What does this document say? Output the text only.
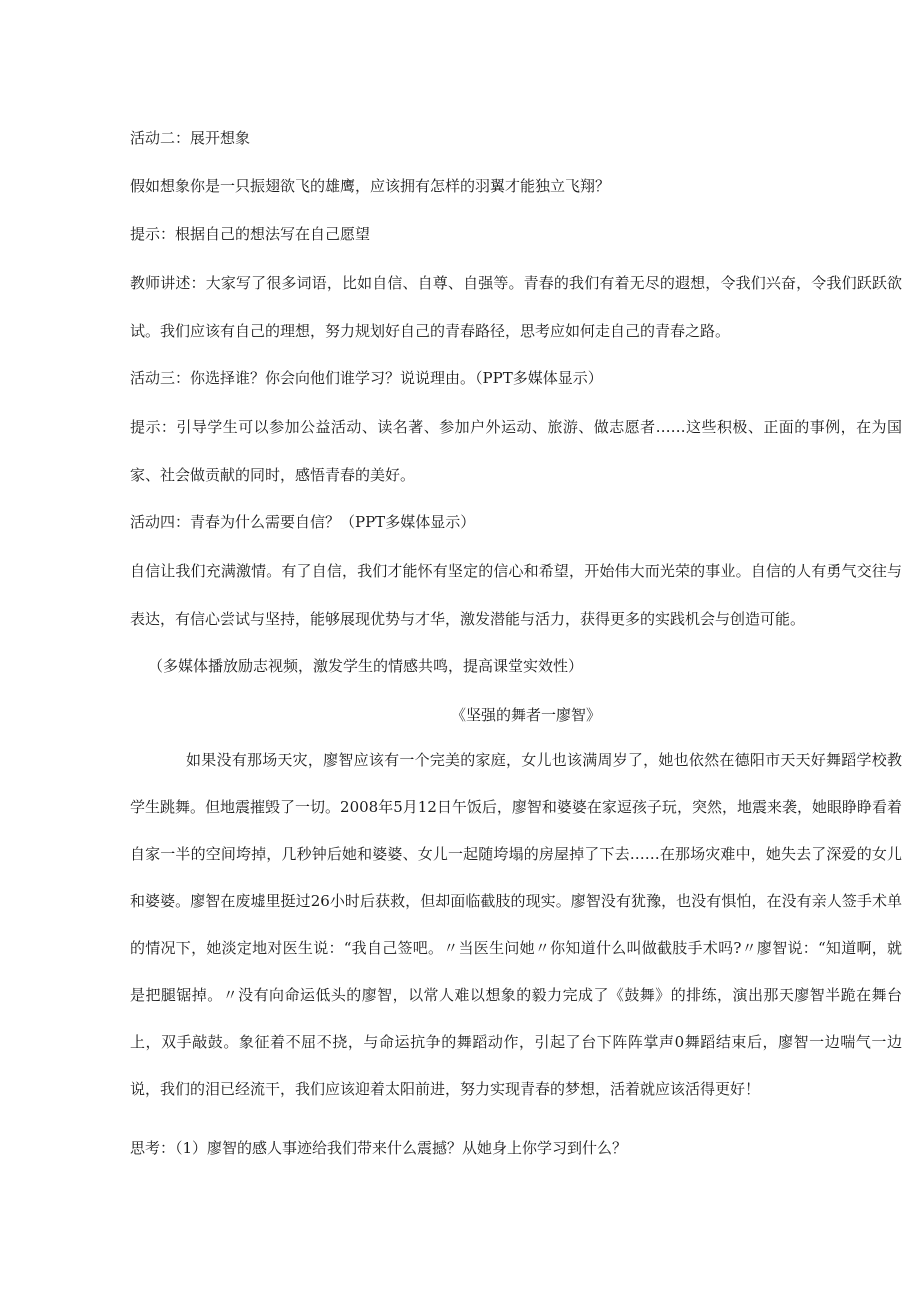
活动二：展开想象
假如想象你是一只振翅欲飞的雄鹰，应该拥有怎样的羽翼才能独立飞翔？
提示：根据自己的想法写在自己愿望
教师讲述：大家写了很多词语，比如自信、自尊、自强等。青春的我们有着无尽的遐想，令我们兴奋，令我们跃跃欲试。我们应该有自己的理想，努力规划好自己的青春路径，思考应如何走自己的青春之路。
活动三：你选择谁？你会向他们谁学习？说说理由。（PPT多媒体显示）
提示：引导学生可以参加公益活动、读名著、参加户外运动、旅游、做志愿者……这些积极、正面的事例，在为国家、社会做贡献的同时，感悟青春的美好。
活动四：青春为什么需要自信？（PPT多媒体显示）
自信让我们充满激情。有了自信，我们才能怀有坚定的信心和希望，开始伟大而光荣的事业。自信的人有勇气交往与表达，有信心尝试与坚持，能够展现优势与才华，激发潜能与活力，获得更多的实践机会与创造可能。
（多媒体播放励志视频，激发学生的情感共鸣，提高课堂实效性）
《坚强的舞者一廖智》
如果没有那场天灾，廖智应该有一个完美的家庭，女儿也该满周岁了，她也依然在德阳市天天好舞蹈学校教学生跳舞。但地震摧毁了一切。2008年5月12日午饭后，廖智和婆婆在家逗孩子玩，突然，地震来袭，她眼睁睁看着自家一半的空间垮掉，几秒钟后她和婆婆、女儿一起随垮塌的房屋掉了下去……在那场灾难中，她失去了深爱的女儿和婆婆。廖智在废墟里挺过26小时后获救，但却面临截肢的现实。廖智没有犹豫，也没有惧怕，在没有亲人签手术单的情况下，她淡定地对医生说：“我自己签吧。〃当医生问她〃你知道什么叫做截肢手术吗?〃廖智说：“知道啊，就是把腿锯掉。〃没有向命运低头的廖智，以常人难以想象的毅力完成了《鼓舞》的排练，演出那天廖智半跪在舞台上，双手敲鼓。象征着不屈不挠，与命运抗争的舞蹈动作，引起了台下阵阵掌声0舞蹈结束后，廖智一边喘气一边说，我们的泪已经流干，我们应该迎着太阳前进，努力实现青春的梦想，活着就应该活得更好！
思考：（1）廖智的感人事迹给我们带来什么震撼？从她身上你学习到什么？
